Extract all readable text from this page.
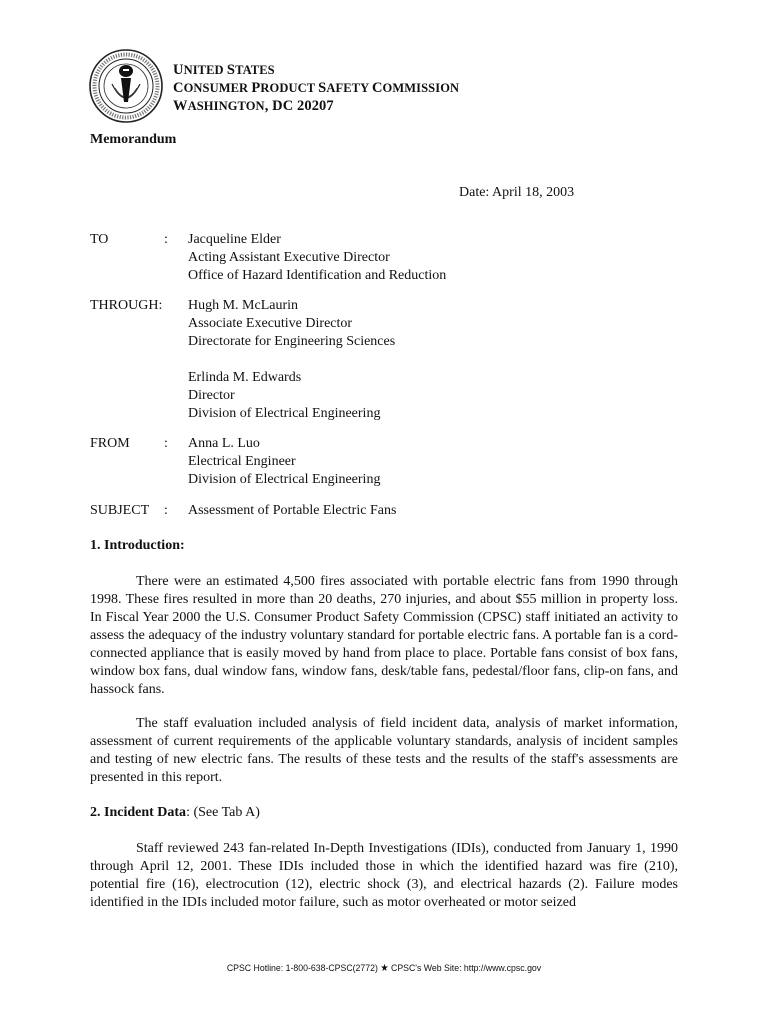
UNITED STATES
CONSUMER PRODUCT SAFETY COMMISSION
WASHINGTON, DC 20207
Memorandum
Date: April 18, 2003
TO	: Jacqueline Elder
Acting Assistant Executive Director
Office of Hazard Identification and Reduction
THROUGH:	Hugh M. McLaurin
Associate Executive Director
Directorate for Engineering Sciences
Erlinda M. Edwards
Director
Division of Electrical Engineering
FROM	: Anna L. Luo
Electrical Engineer
Division of Electrical Engineering
SUBJECT	: Assessment of Portable Electric Fans
1. Introduction:

There were an estimated 4,500 fires associated with portable electric fans from 1990 through 1998. These fires resulted in more than 20 deaths, 270 injuries, and about $55 million in property loss. In Fiscal Year 2000 the U.S. Consumer Product Safety Commission (CPSC) staff initiated an activity to assess the adequacy of the industry voluntary standard for portable electric fans. A portable fan is a cord-connected appliance that is easily moved by hand from place to place. Portable fans consist of box fans, window box fans, dual window fans, window fans, desk/table fans, pedestal/floor fans, clip-on fans, and hassock fans.

The staff evaluation included analysis of field incident data, analysis of market information, assessment of current requirements of the applicable voluntary standards, analysis of incident samples and testing of new electric fans. The results of these tests and the results of the staff's assessments are presented in this report.

2. Incident Data: (See Tab A)

Staff reviewed 243 fan-related In-Depth Investigations (IDIs), conducted from January 1, 1990 through April 12, 2001. These IDIs included those in which the identified hazard was fire (210), potential fire (16), electrocution (12), electric shock (3), and electrical hazards (2). Failure modes identified in the IDIs included motor failure, such as motor overheated or motor seized

CPSC Hotline: 1-800-638-CPSC(2772) ★ CPSC's Web Site: http://www.cpsc.gov
